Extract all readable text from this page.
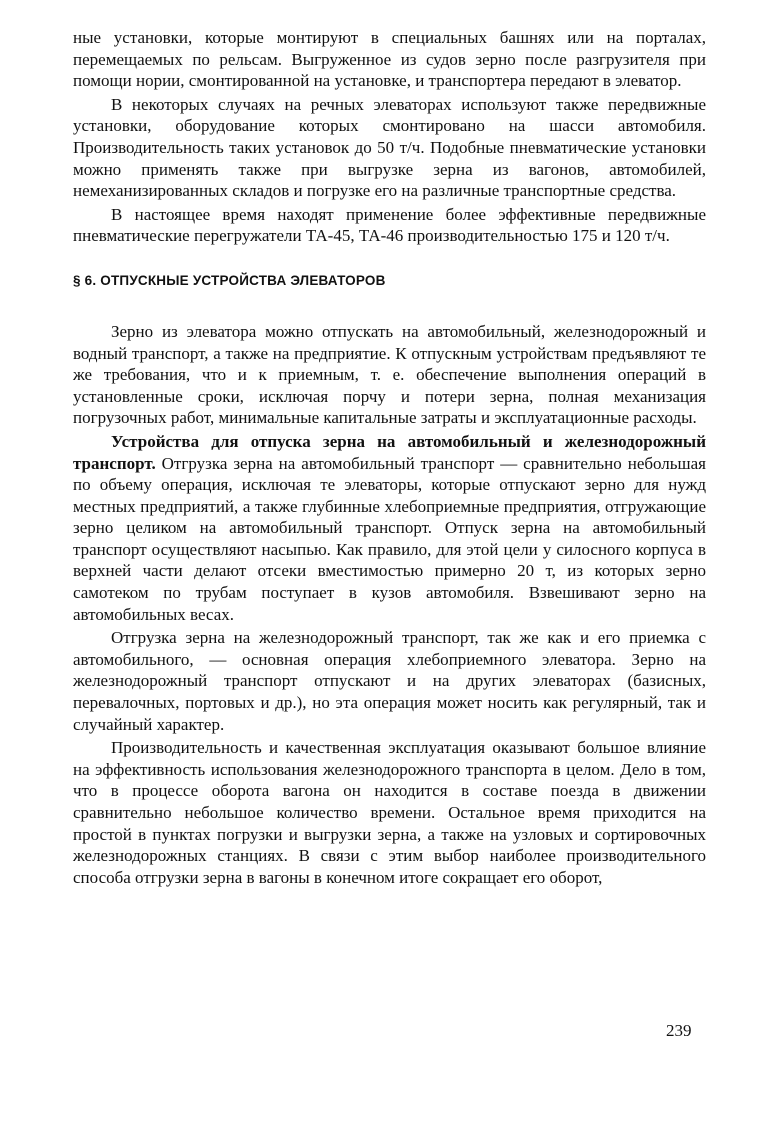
ные установки, которые монтируют в специальных башнях или на порталах, перемещаемых по рельсам. Выгруженное из судов зерно после разгрузителя при помощи нории, смонтированной на установке, и транспортера передают в элеватор.

В некоторых случаях на речных элеваторах используют также передвижные установки, оборудование которых смонтировано на шасси автомобиля. Производительность таких установок до 50 т/ч. Подобные пневматические установки можно применять также при выгрузке зерна из вагонов, автомобилей, немеханизированных складов и погрузке его на различные транспортные средства.

В настоящее время находят применение более эффективные передвижные пневматические перегружатели ТА-45, ТА-46 производительностью 175 и 120 т/ч.

§ 6. ОТПУСКНЫЕ УСТРОЙСТВА ЭЛЕВАТОРОВ

Зерно из элеватора можно отпускать на автомобильный, железнодорожный и водный транспорт, а также на предприятие. К отпускным устройствам предъявляют те же требования, что и к приемным, т. е. обеспечение выполнения операций в установленные сроки, исключая порчу и потери зерна, полная механизация погрузочных работ, минимальные капитальные затраты и эксплуатационные расходы.

Устройства для отпуска зерна на автомобильный и железнодорожный транспорт. Отгрузка зерна на автомобильный транспорт — сравнительно небольшая по объему операция, исключая те элеваторы, которые отпускают зерно для нужд местных предприятий, а также глубинные хлебоприемные предприятия, отгружающие зерно целиком на автомобильный транспорт. Отпуск зерна на автомобильный транспорт осуществляют насыпью. Как правило, для этой цели у силосного корпуса в верхней части делают отсеки вместимостью примерно 20 т, из которых зерно самотеком по трубам поступает в кузов автомобиля. Взвешивают зерно на автомобильных весах.

Отгрузка зерна на железнодорожный транспорт, так же как и его приемка с автомобильного, — основная операция хлебоприемного элеватора. Зерно на железнодорожный транспорт отпускают и на других элеваторах (базисных, перевалочных, портовых и др.), но эта операция может носить как регулярный, так и случайный характер.

Производительность и качественная эксплуатация оказывают большое влияние на эффективность использования железнодорожного транспорта в целом. Дело в том, что в процессе оборота вагона он находится в составе поезда в движении сравнительно небольшое количество времени. Остальное время приходится на простой в пунктах погрузки и выгрузки зерна, а также на узловых и сортировочных железнодорожных станциях. В связи с этим выбор наиболее производительного способа отгрузки зерна в вагоны в конечном итоге сокращает его оборот,

239
